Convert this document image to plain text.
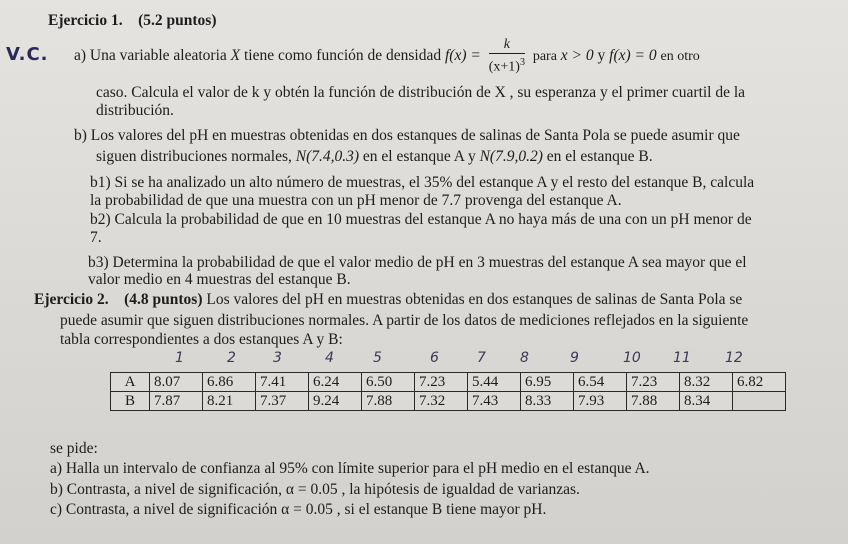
Ejercicio 1. (5.2 puntos)
V.C. a) Una variable aleatoria X tiene como función de densidad $f(x) = \frac{k}{(x+1)^3}$ para x > 0 y f(x) = 0 en otro
caso. Calcula el valor de k y obtén la función de distribución de X , su esperanza y el primer cuartil de la
distribución.
b) Los valores del pH en muestras obtenidas en dos estanques de salinas de Santa Pola se puede asumir que
siguen distribuciones normales, N(7.4,0.3) en el estanque A y N(7.9,0.2) en el estanque B.
b1) Si se ha analizado un alto número de muestras, el 35% del estanque A y el resto del estanque B, calcula
la probabilidad de que una muestra con un pH menor de 7.7 provenga del estanque A.
b2) Calcula la probabilidad de que en 10 muestras del estanque A no haya más de una con un pH menor de
7.
b3) Determina la probabilidad de que el valor medio de pH en 3 muestras del estanque A sea mayor que el
valor medio en 4 muestras del estanque B.
Ejercicio 2. (4.8 puntos) Los valores del pH en muestras obtenidas en dos estanques de salinas de Santa Pola se
puede asumir que siguen distribuciones normales. A partir de los datos de mediciones reflejados en la siguiente
tabla correspondientes a dos estanques A y B:
1	2	3	4	5	6	7 8	9	10 11 12
A	8.07	6.86	7.41	6.24	6.50	7.23	5.44	6.95	6.54	7.23	8.32	6.82
B	7.87	8.21	7.37	9.24	7.88	7.32	7.43	8.33	7.93	7.88	8.34	
se pide:
a) Halla un intervalo de confianza al 95% con límite superior para el pH medio en el estanque A.
b) Contrasta, a nivel de significación, α = 0.05 , la hipótesis de igualdad de varianzas.
c) Contrasta, a nivel de significación α = 0.05 , si el estanque B tiene mayor pH.
